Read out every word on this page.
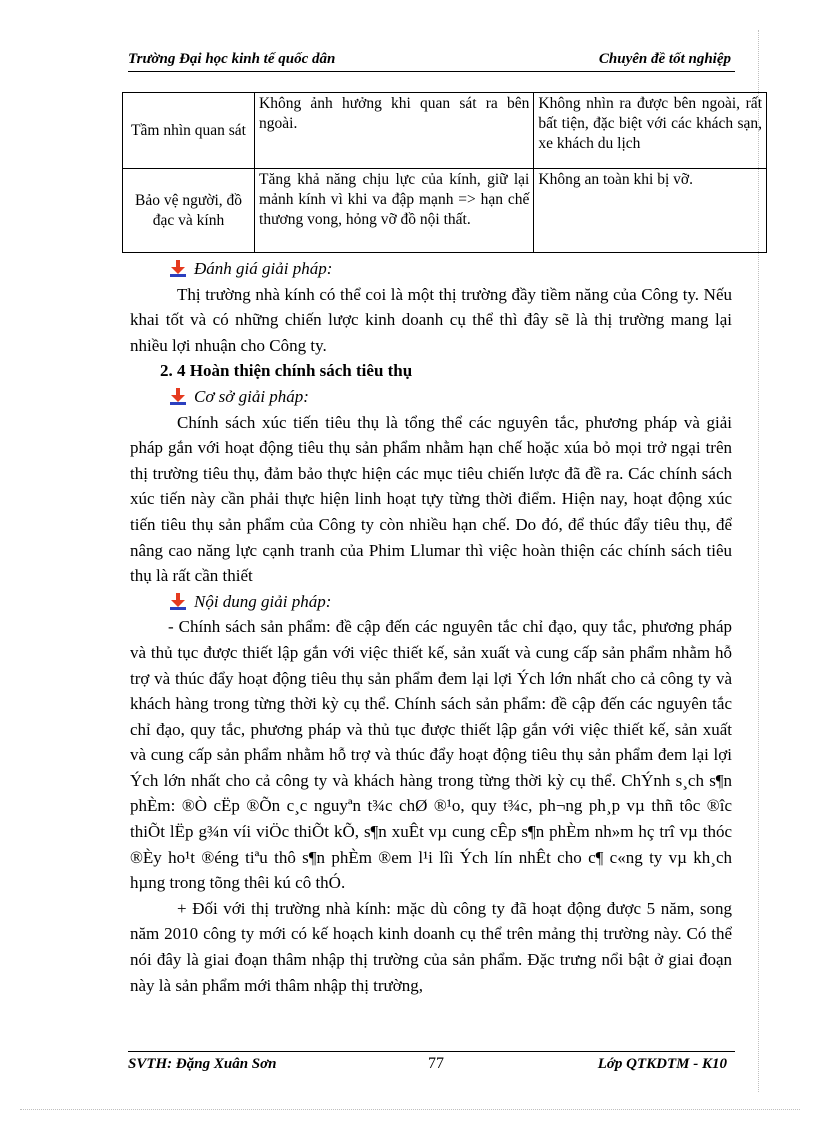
Trường Đại học kinh tế quốc dân	Chuyên đề tốt nghiệp
Tầm nhìn quan sát	Không ảnh hưởng khi quan sát ra bên ngoài.	Không nhìn ra được bên ngoài, rất bất tiện, đặc biệt với các khách sạn, xe khách du lịch
Bảo vệ người, đồ đạc và kính	Tăng khả năng chịu lực của kính, giữ lại mảnh kính vì khi va đập mạnh => hạn chế thương vong, hỏng vỡ đồ nội thất.	Không an toàn khi bị vỡ.

Đánh giá giải pháp:

Thị trường nhà kính có thể coi là một thị trường đầy tiềm năng của Công ty. Nếu khai tốt và có những chiến lược kinh doanh cụ thể thì đây sẽ là thị trường mang lại nhiều lợi nhuận cho Công ty.

2. 4 Hoàn thiện chính sách tiêu thụ

Cơ sở giải pháp:

Chính sách xúc tiến tiêu thụ là tổng thể các nguyên tắc, phương pháp và giải pháp gắn với hoạt động tiêu thụ sản phẩm nhằm hạn chế hoặc xúa bỏ mọi trở ngại trên thị trường tiêu thụ, đảm bảo thực hiện các mục tiêu chiến lược đã đề ra. Các chính sách xúc tiến này cần phải thực hiện linh hoạt tựy từng thời điểm. Hiện nay, hoạt động xúc tiến tiêu thụ sản phẩm của Công ty còn nhiều hạn chế. Do đó, để thúc đẩy tiêu thụ, để nâng cao năng lực cạnh tranh của Phim Llumar thì việc hoàn thiện các chính sách tiêu thụ là rất cần thiết

Nội dung giải pháp:

- Chính sách sản phẩm: đề cập đến các nguyên tắc chỉ đạo, quy tắc, phương pháp và thủ tục được thiết lập gắn với việc thiết kế, sản xuất và cung cấp sản phẩm nhằm hỗ trợ và thúc đẩy hoạt động tiêu thụ sản phẩm đem lại lợi Ých lớn nhất cho cả công ty và khách hàng trong từng thời kỳ cụ thể. Chính sách sản phẩm: đề cập đến các nguyên tắc chỉ đạo, quy tắc, phương pháp và thủ tục được thiết lập gắn với việc thiết kế, sản xuất và cung cấp sản phẩm nhằm hỗ trợ và thúc đẩy hoạt động tiêu thụ sản phẩm đem lại lợi Ých lớn nhất cho cả công ty và khách hàng trong từng thời kỳ cụ thể. ChÝnh s¸ch s¶n phÈm: ®Ò cËp ®Õn c¸c nguyªn t¾c chØ ®¹o, quy t¾c, ph¬ng ph¸p vµ thñ tôc ®îc thiÕt lËp g¾n víi viÖc thiÕt kÕ, s¶n xuÊt vµ cung cÊp s¶n phÈm nh»m hç trî vµ thóc ®Èy ho¹t ®éng tiªu thô s¶n phÈm ®em l¹i lîi Ých lín nhÊt cho c¶ c«ng ty vµ kh¸ch hµng trong tõng thêi kú cô thÓ.

+ Đối với thị trường nhà kính: mặc dù công ty đã hoạt động được 5 năm, song năm 2010 công ty mới có kế hoạch kinh doanh cụ thể trên mảng thị trường này. Có thể nói đây là giai đoạn thâm nhập thị trường của sản phẩm. Đặc trưng nổi bật ở giai đoạn này là sản phẩm mới thâm nhập thị trường,

SVTH: Đặng Xuân Sơn	77	Lớp QTKDTM - K10
